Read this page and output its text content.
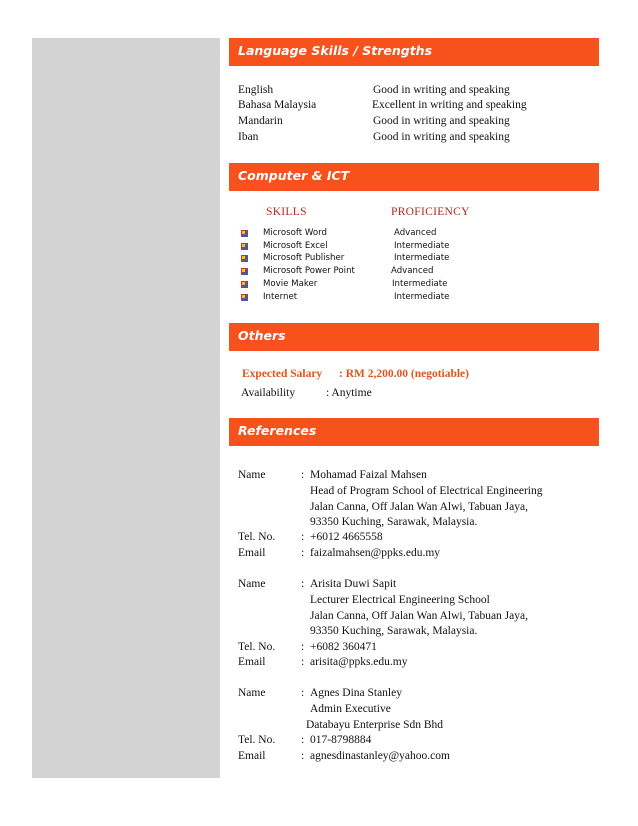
Language Skills / Strengths
English	Good in writing and speaking
Bahasa Malaysia	Excellent in writing and speaking
Mandarin	Good in writing and speaking
Iban	Good in writing and speaking
Computer & ICT
SKILLS	PROFICIENCY
Microsoft Word	Advanced
Microsoft Excel	Intermediate
Microsoft Publisher	Intermediate
Microsoft Power Point	Advanced
Movie Maker	Intermediate
Internet	Intermediate
Others
Expected Salary : RM 2,200.00 (negotiable)
Availability	: Anytime
References
Name	: Mohamad Faizal Mahsen
Head of Program School of Electrical Engineering
Jalan Canna, Off Jalan Wan Alwi, Tabuan Jaya,
93350 Kuching, Sarawak, Malaysia.
Tel. No. : +6012 4665558
Email	: faizalmahsen@ppks.edu.my
Name	: Arisita Duwi Sapit
Lecturer Electrical Engineering School
Jalan Canna, Off Jalan Wan Alwi, Tabuan Jaya,
93350 Kuching, Sarawak, Malaysia.
Tel. No. : +6082 360471
Email	: arisita@ppks.edu.my
Name	: Agnes Dina Stanley
Admin Executive
Databayu Enterprise Sdn Bhd
Tel. No. : 017-8798884
Email	: agnesdinastanley@yahoo.com
